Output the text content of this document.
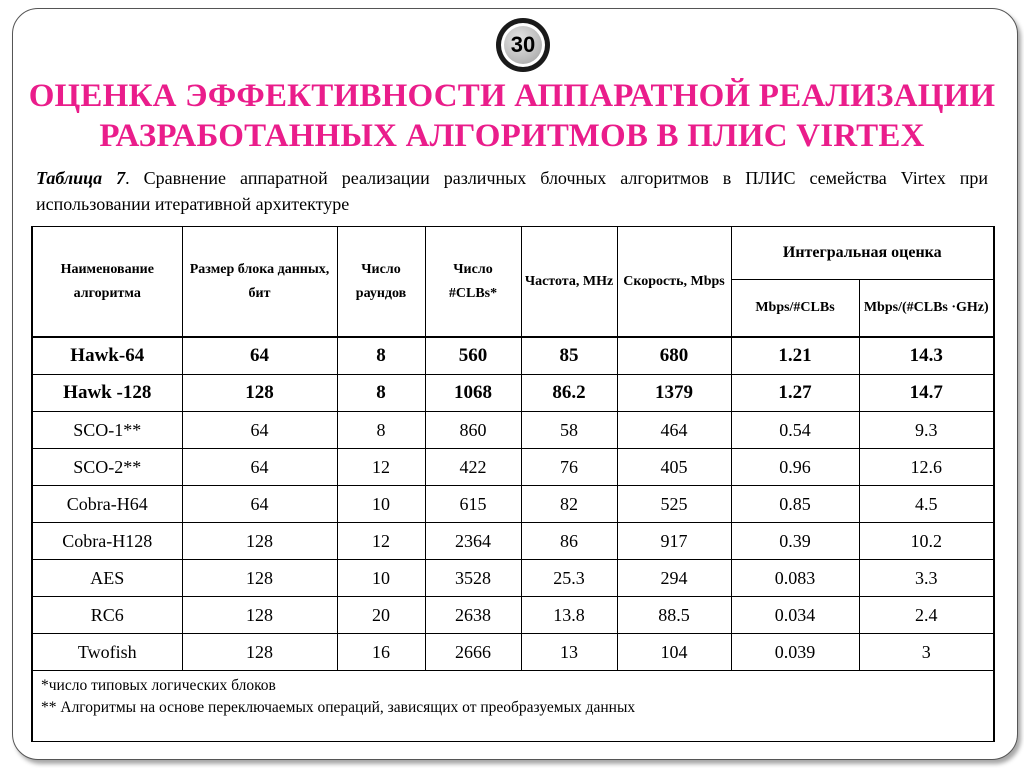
30
ОЦЕНКА ЭФФЕКТИВНОСТИ АППАРАТНОЙ РЕАЛИЗАЦИИ
РАЗРАБОТАННЫХ АЛГОРИТМОВ В ПЛИС VIRTEX
Таблица 7. Сравнение аппаратной реализации различных блочных алгоритмов в ПЛИС семейства Virtex при использовании итеративной архитектуре
Наименование алгоритма	Размер блока данных, бит	Число раундов	Число #CLBs*	Частота, MHz	Скорость, Mbps	Интегральная оценка	
						Mbps/#CLBs	Mbps/(#CLBs ·GHz)
Hawk-64	64	8	560	85	680	1.21	14.3
Hawk -128	128	8	1068	86.2	1379	1.27	14.7
SCO-1**	64	8	860	58	464	0.54	9.3
SCO-2**	64	12	422	76	405	0.96	12.6
Cobra-H64	64	10	615	82	525	0.85	4.5
Cobra-H128	128	12	2364	86	917	0.39	10.2
AES	128	10	3528	25.3	294	0.083	3.3
RC6	128	20	2638	13.8	88.5	0.034	2.4
Twofish	128	16	2666	13	104	0.039	3

*число типовых логических блоков
** Алгоритмы на основе переключаемых операций, зависящих от преобразуемых данных							
